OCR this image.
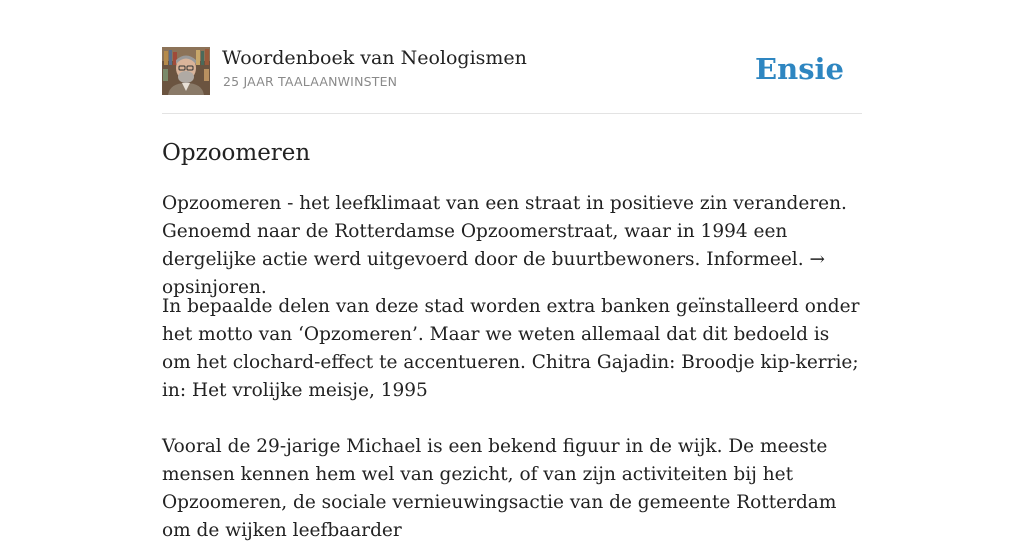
Woordenboek van Neologismen
25 JAAR TAALAANWINSTEN	Ensie
Opzoomeren

Opzoomeren - het leefklimaat van een straat in positieve zin veranderen. Genoemd naar de Rotterdamse Opzoomerstraat, waar in 1994 een dergelijke actie werd uitgevoerd door de buurtbewoners. Informeel. → opsinjoren.

In bepaalde delen van deze stad worden extra banken geïnstalleerd onder het motto van ‘Opzomeren’. Maar we weten allemaal dat dit bedoeld is om het clochard-effect te accentueren. Chitra Gajadin: Broodje kip-kerrie; in: Het vrolijke meisje, 1995

Vooral de 29-jarige Michael is een bekend figuur in de wijk. De meeste mensen kennen hem wel van gezicht, of van zijn activiteiten bij het Opzoomeren, de sociale vernieuwingsactie van de gemeente Rotterdam om de wijken leefbaarder
